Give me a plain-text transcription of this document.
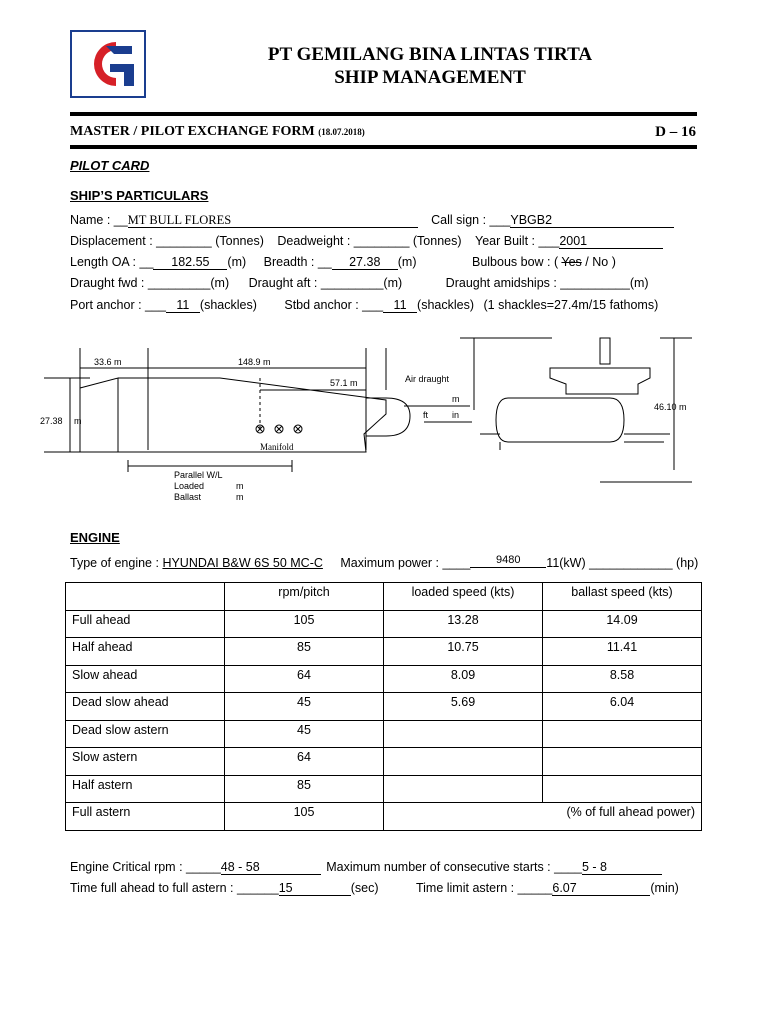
PT GEMILANG BINA LINTAS TIRTA
SHIP MANAGEMENT
MASTER / PILOT EXCHANGE FORM (18.07.2018)	D – 16
PILOT CARD
SHIP’S PARTICULARS
Name : __MT BULL FLORES	Call sign : ___YBGB2
Displacement : ________ (Tonnes) Deadweight : ________ (Tonnes) Year Built : ___2001
Length OA : __ 182.55 (m) Breadth : __ 27.38 (m)	Bulbous bow : ( Yes / No )
Draught fwd : _________(m) Draught aft : _________(m)	Draught amidships : __________(m)
Port anchor : ___ 11 (shackles) Stbd anchor : ___ 11 (shackles) (1 shackles=27.4m/15 fathoms)
33.6 m	148.9 m
57.1 m
27.38 m
Manifold
Parallel W/L
Loaded	m
Ballast	m
Air draught
m
ft	in
46.10 m
ENGINE
Type of engine : HYUNDAI B&W 6S 50 MC-C Maximum power : ____ 9480 11(kW) ____________ (hp)
	rpm/pitch	loaded speed (kts)	ballast speed (kts)
Full ahead	105	13.28	14.09
Half ahead	85	10.75	11.41
Slow ahead	64	8.09	8.58
Dead slow ahead	45	5.69	6.04
Dead slow astern	45		
Slow astern	64		
Half astern	85		
Full astern	105	(% of full ahead power)	
Engine Critical rpm : _____48 - 58	Maximum number of consecutive starts : ____5 - 8
Time full ahead to full astern : ______15	(sec)	Time limit astern : _____6.07	(min)
